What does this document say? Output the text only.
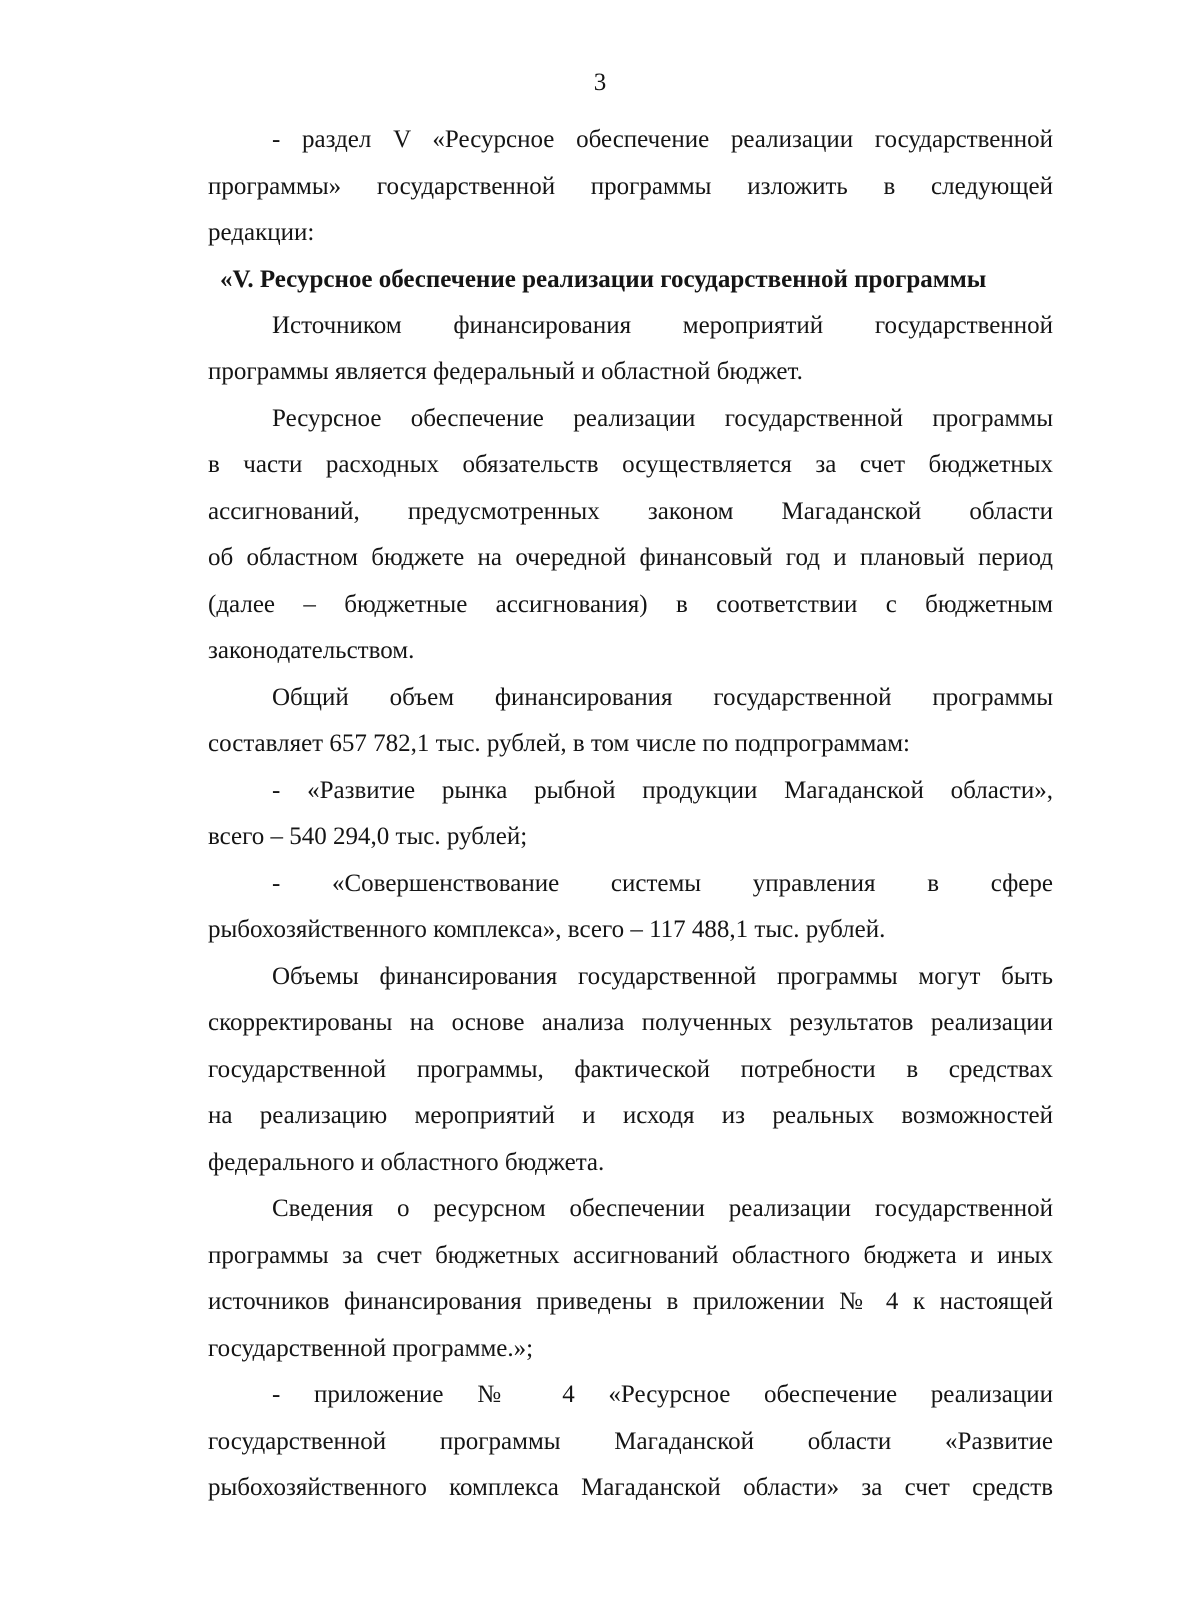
3
- раздел V «Ресурсное обеспечение реализации государственной
программы» государственной программы изложить в следующей
редакции:
«V. Ресурсное обеспечение реализации государственной программы
Источником финансирования мероприятий государственной
программы является федеральный и областной бюджет.
Ресурсное обеспечение реализации государственной программы
в части расходных обязательств осуществляется за счет бюджетных
ассигнований, предусмотренных законом Магаданской области
об областном бюджете на очередной финансовый год и плановый период
(далее – бюджетные ассигнования) в соответствии с бюджетным
законодательством.
Общий объем финансирования государственной программы
составляет 657 782,1 тыс. рублей, в том числе по подпрограммам:
- «Развитие рынка рыбной продукции Магаданской области»,
всего – 540 294,0 тыс. рублей;
- «Совершенствование системы управления в сфере
рыбохозяйственного комплекса», всего – 117 488,1 тыс. рублей.
Объемы финансирования государственной программы могут быть
скорректированы на основе анализа полученных результатов реализации
государственной программы, фактической потребности в средствах
на реализацию мероприятий и исходя из реальных возможностей
федерального и областного бюджета.
Сведения о ресурсном обеспечении реализации государственной
программы за счет бюджетных ассигнований областного бюджета и иных
источников финансирования приведены в приложении № 4 к настоящей
государственной программе.»;
- приложение № 4 «Ресурсное обеспечение реализации
государственной программы Магаданской области «Развитие
рыбохозяйственного комплекса Магаданской области» за счет средств
